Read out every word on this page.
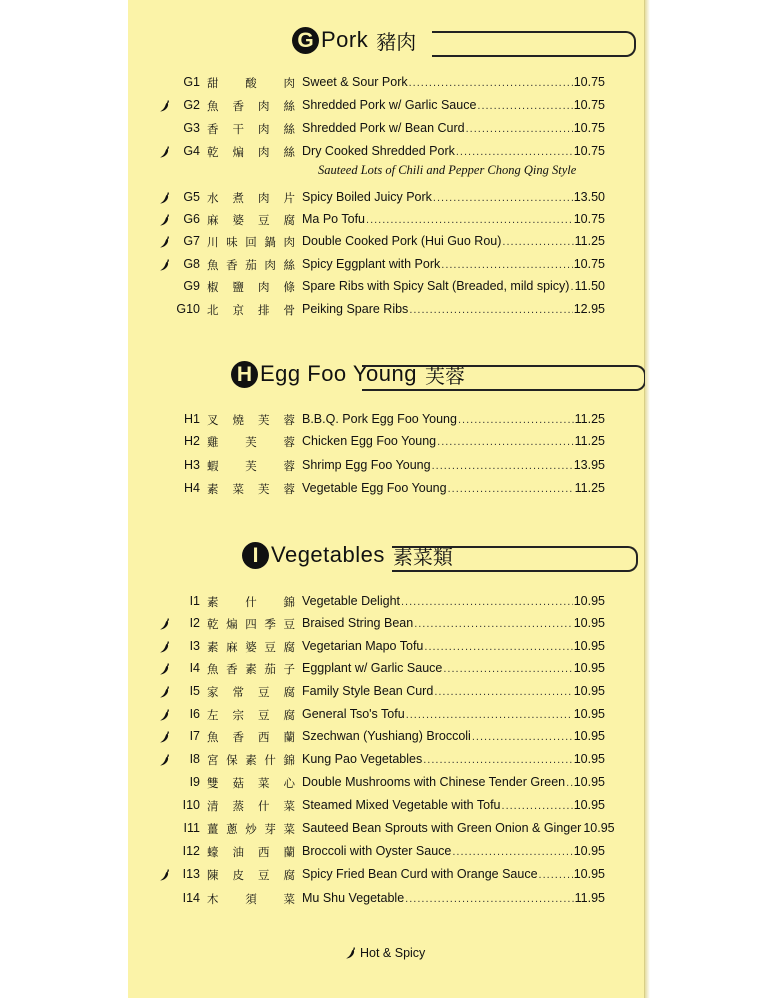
G Pork 豬肉
G1 甜 酸 肉 Sweet & Sour Pork .....	10.75
G2 魚 香 肉 絲 Shredded Pork w/ Garlic Sauce .....	10.75
G3 香 干 肉 絲 Shredded Pork w/ Bean Curd .....	10.75
G4 乾 煸 肉 絲 Dry Cooked Shredded Pork .....	10.75
G5 水 煮 肉 片 Spicy Boiled Juicy Pork .....	13.50
G6 麻 婆 豆 腐 Ma Po Tofu .....	10.75
G7 川 味 回 鍋 肉 Double Cooked Pork (Hui Guo Rou) .....	11.25
G8 魚 香 茄 肉 絲 Spicy Eggplant with Pork .....	10.75
G9 椒 鹽 肉 條 Spare Ribs with Spicy Salt (Breaded, mild spicy) ..... 11.50
G10 北 京 排 骨 Peiking Spare Ribs .....	12.95
Sauteed Lots of Chili and Pepper Chong Qing Style
H Egg Foo Young 芙蓉
H1 叉 燒 芙 蓉 B.B.Q. Pork Egg Foo Young .....	11.25
H2 雞 芙 蓉 Chicken Egg Foo Young .....	11.25
H3 蝦 芙 蓉 Shrimp Egg Foo Young .....	13.95
H4 素 菜 芙 蓉 Vegetable Egg Foo Young .....	11.25
I Vegetables 素菜類
I1 素 什 錦 Vegetable Delight .....	10.95
I2 乾 煸 四 季 豆 Braised String Bean .....	10.95
I3 素 麻 婆 豆 腐 Vegetarian Mapo Tofu .....	10.95
I4 魚 香 素 茄 子 Eggplant w/ Garlic Sauce .....	10.95
I5 家 常 豆 腐 Family Style Bean Curd .....	10.95
I6 左 宗 豆 腐 General Tso's Tofu .....	10.95
I7 魚 香 西 蘭 Szechwan (Yushiang) Broccoli .....	10.95
I8 宮 保 素 什 錦 Kung Pao Vegetables .....	10.95
I9 雙 菇 菜 心 Double Mushrooms with Chinese Tender Green ..... 10.95
I10 清 蒸 什 菜 Steamed Mixed Vegetable with Tofu .....	10.95
I11 薑 蔥 炒 芽 菜 Sauteed Bean Sprouts with Green Onion & Ginger 10.95
I12 蠔 油 西 蘭 Broccoli with Oyster Sauce .....	10.95
I13 陳 皮 豆 腐 Spicy Fried Bean Curd with Orange Sauce .....	10.95
I14 木 須 菜 Mu Shu Vegetable .....	11.95
Hot & Spicy
